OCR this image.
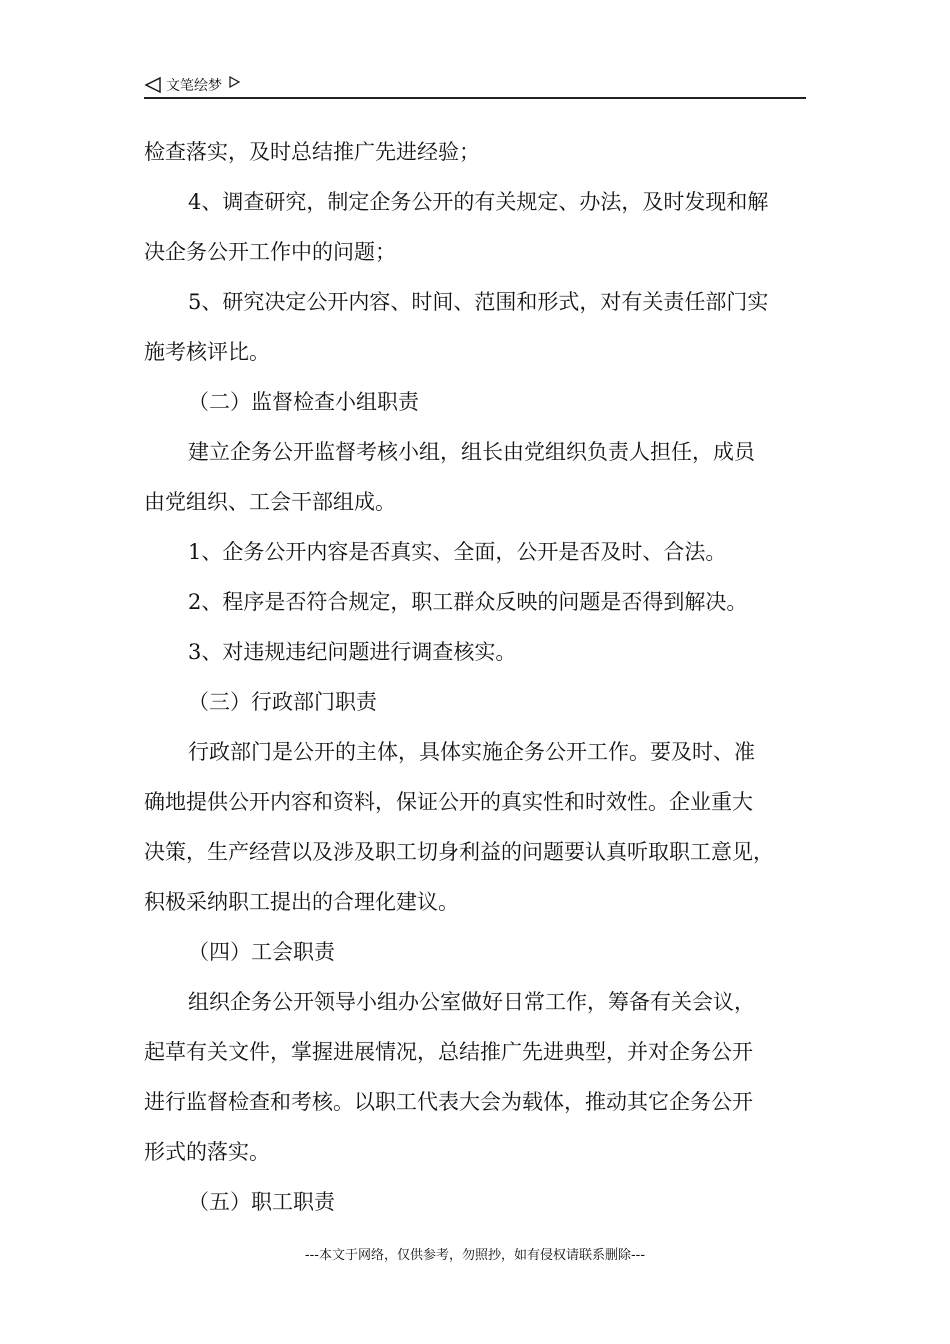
文笔绘梦
检查落实，及时总结推广先进经验；
4、调查研究，制定企务公开的有关规定、办法，及时发现和解
决企务公开工作中的问题；
5、研究决定公开内容、时间、范围和形式，对有关责任部门实
施考核评比。
（二）监督检查小组职责
建立企务公开监督考核小组，组长由党组织负责人担任，成员
由党组织、工会干部组成。
1、企务公开内容是否真实、全面，公开是否及时、合法。
2、程序是否符合规定，职工群众反映的问题是否得到解决。
3、对违规违纪问题进行调查核实。
（三）行政部门职责
行政部门是公开的主体，具体实施企务公开工作。要及时、准
确地提供公开内容和资料，保证公开的真实性和时效性。企业重大
决策，生产经营以及涉及职工切身利益的问题要认真听取职工意见，
积极采纳职工提出的合理化建议。
（四）工会职责
组织企务公开领导小组办公室做好日常工作，筹备有关会议，
起草有关文件，掌握进展情况，总结推广先进典型，并对企务公开
进行监督检查和考核。以职工代表大会为载体，推动其它企务公开
形式的落实。
（五）职工职责
---本文于网络，仅供参考，勿照抄，如有侵权请联系删除---
